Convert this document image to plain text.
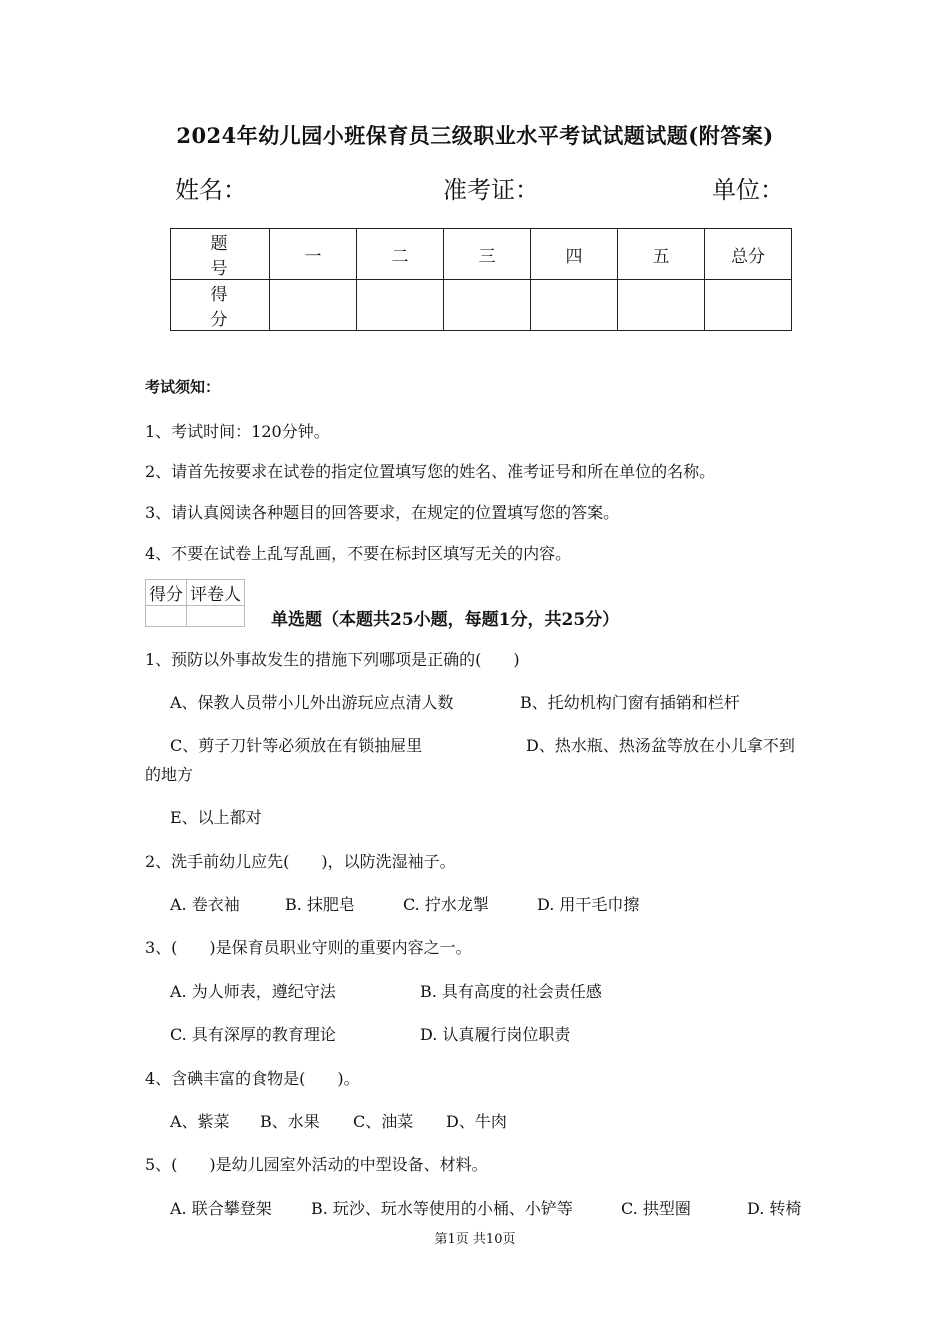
2024年幼儿园小班保育员三级职业水平考试试题试题(附答案)
姓名：	准考证：	单位：
题　号	一	二	三	四	五	总分
得　分						
考试须知：
1、考试时间：120分钟。
2、请首先按要求在试卷的指定位置填写您的姓名、准考证号和所在单位的名称。
3、请认真阅读各种题目的回答要求，在规定的位置填写您的答案。
4、不要在试卷上乱写乱画，不要在标封区填写无关的内容。
得分	评卷人

单选题（本题共25小题，每题1分，共25分）
1、预防以外事故发生的措施下列哪项是正确的(　　)
A、保教人员带小儿外出游玩应点清人数	B、托幼机构门窗有插销和栏杆
C、剪子刀针等必须放在有锁抽屉里	D、热水瓶、热汤盆等放在小儿拿不到
的地方
E、以上都对
2、洗手前幼儿应先(　　)，以防洗湿袖子。
A. 卷衣袖	B. 抹肥皂	C. 拧水龙掣	D. 用干毛巾擦
3、(　　)是保育员职业守则的重要内容之一。
A. 为人师表，遵纪守法	B. 具有高度的社会责任感
C. 具有深厚的教育理论	D. 认真履行岗位职责
4、含碘丰富的食物是(　　)。
A、紫菜 B、水果 C、油菜 D、牛肉
5、(　　)是幼儿园室外活动的中型设备、材料。
A. 联合攀登架 B. 玩沙、玩水等使用的小桶、小铲等	C. 拱型圈	D. 转椅
第1页 共10页
